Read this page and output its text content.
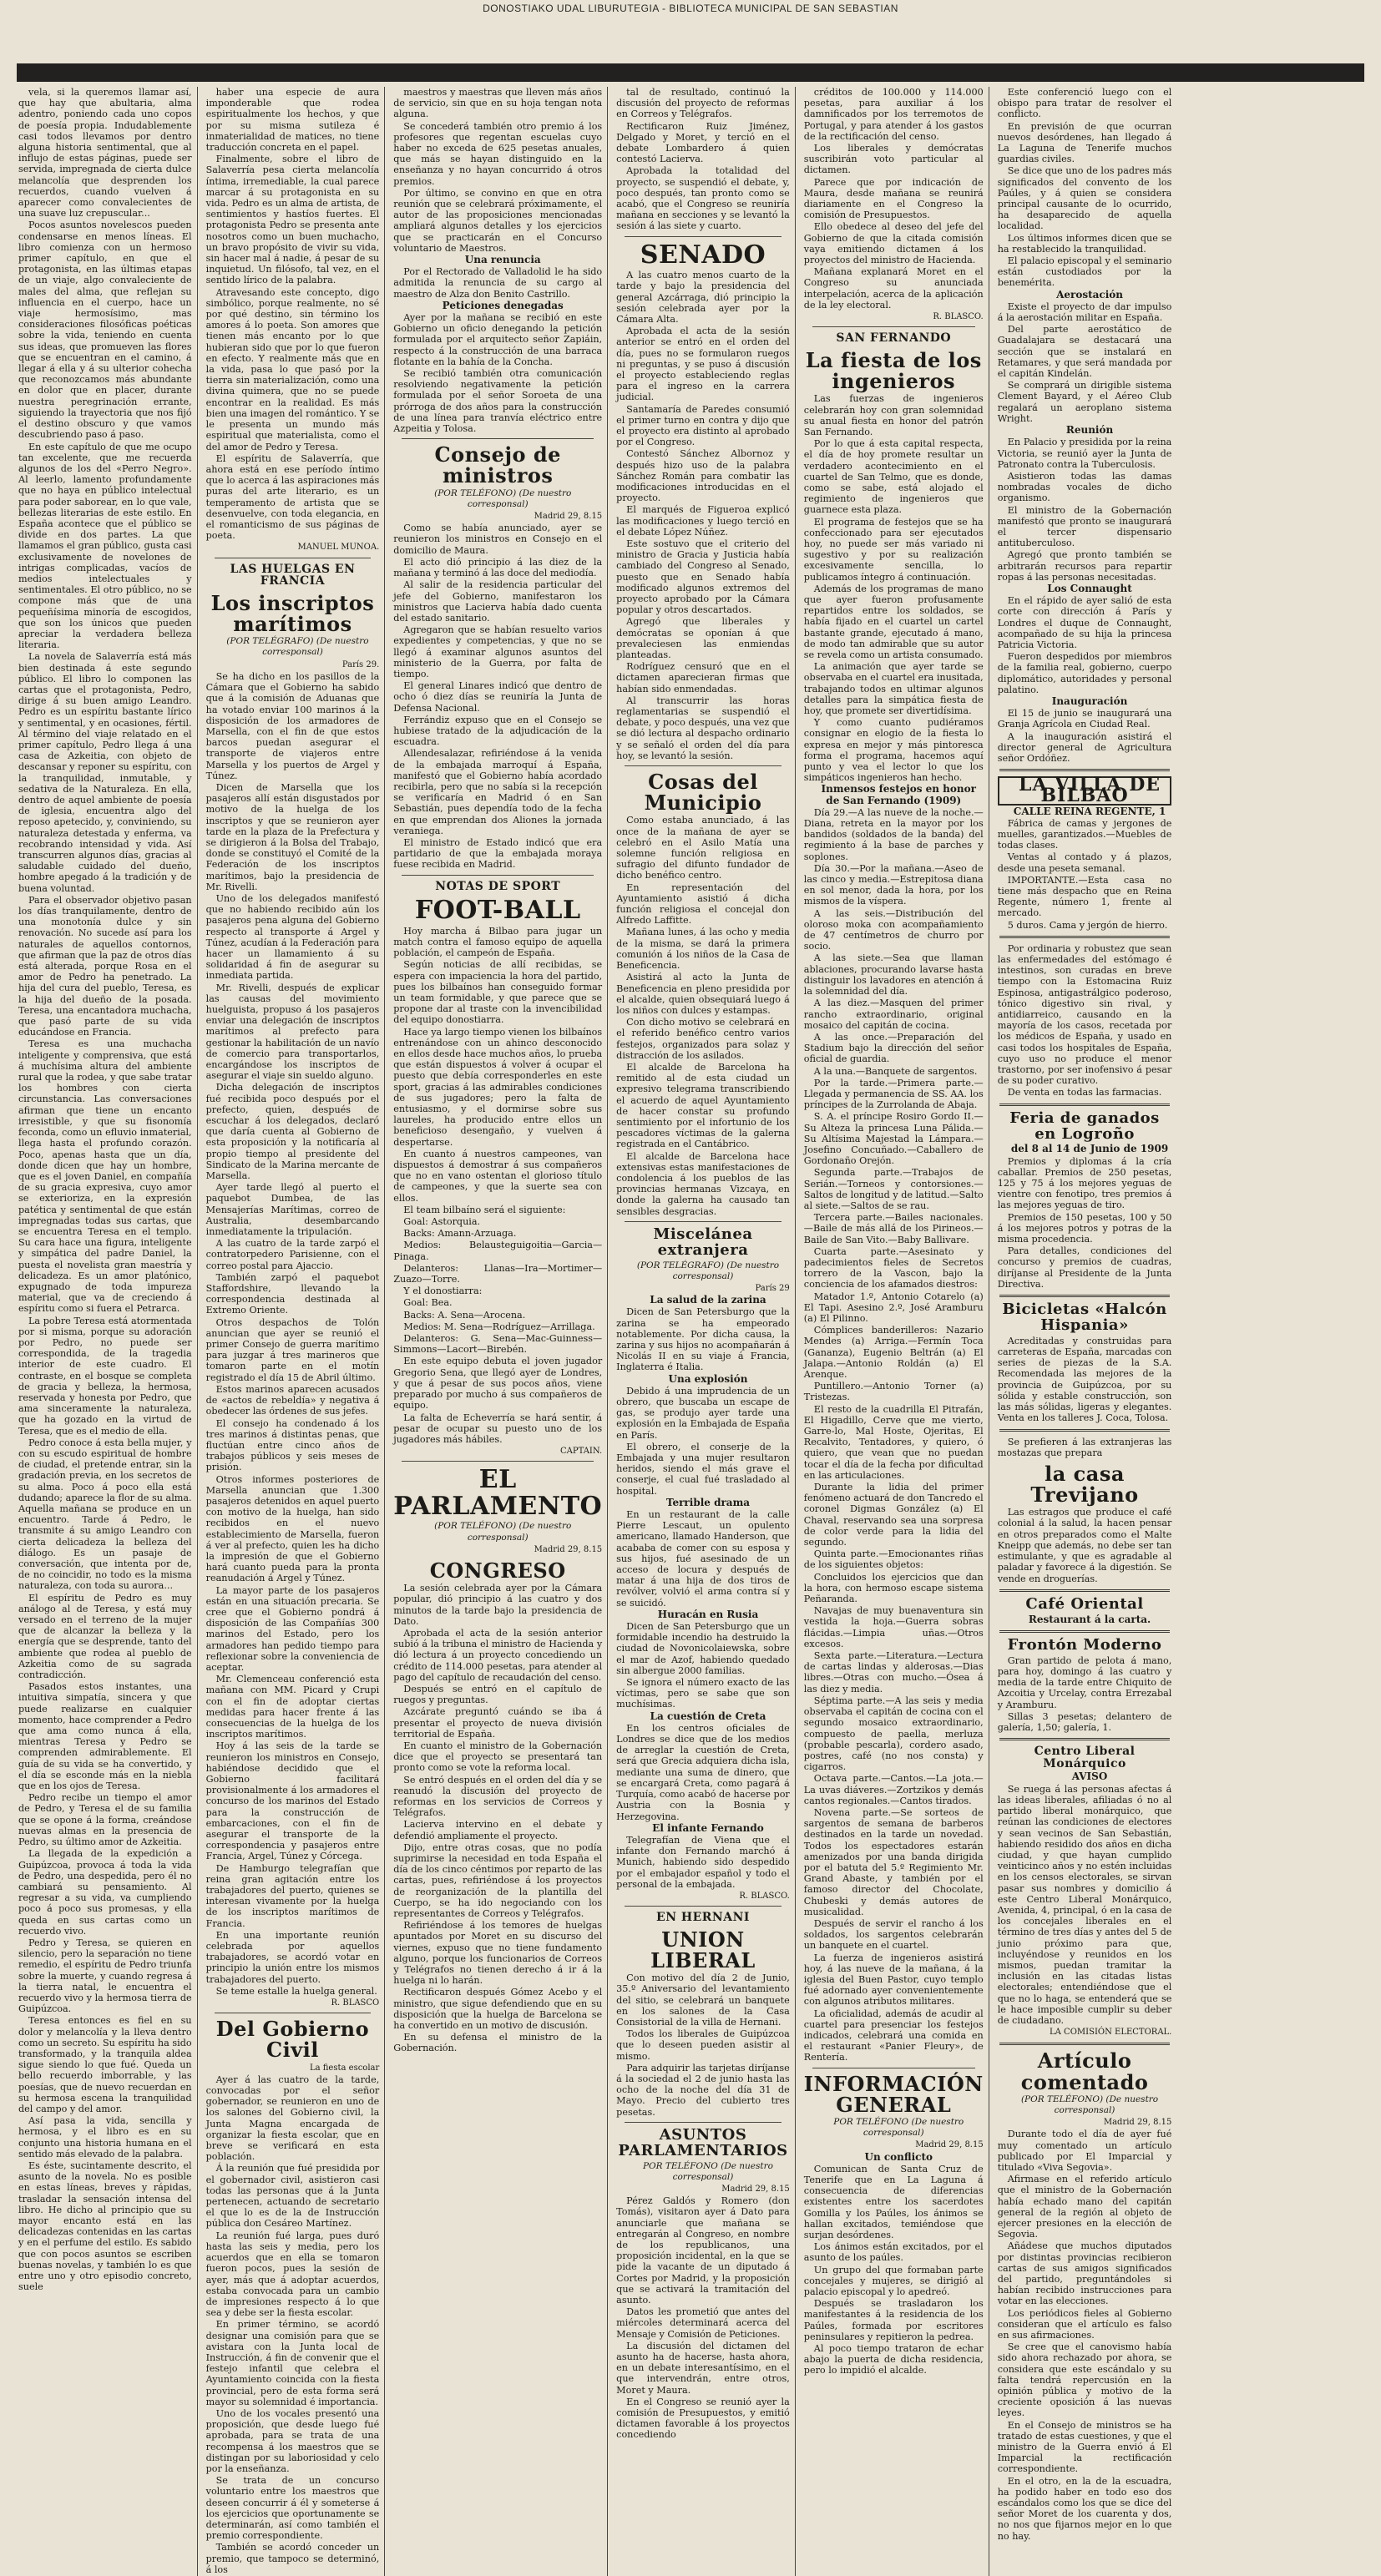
DONOSTIAKO UDAL LIBURUTEGIA - BIBLIOTECA MUNICIPAL DE SAN SEBASTIAN

vela, si la queremos llamar así, que hay que abultaria, alma adentro, poniendo cada uno copos de poesía propia. Indudablemente casi todos llevamos por dentro alguna historia sentimental, que al influjo de estas páginas, puede ser servida, impregnada de cierta dulce melancolía que desprenden los recuerdos, cuando vuelven á aparecer como convalecientes de una suave luz crepuscular...

Pocos asuntos novelescos pueden condensarse en menos líneas. El libro comienza con un hermoso primer capítulo, en que el protagonista, en las últimas etapas de un viaje, algo convaleciente de males del alma, que reflejan su influencia en el cuerpo, hace un viaje hermosísimo, mas consideraciones filosóficas poéticas sobre la vida, teniendo en cuenta sus ideas, que promueven las flores que se encuentran en el camino, á llegar á ella y á su ulterior cohecha que reconozcamos más abundante en dolor que en placer, durante nuestra peregrinación errante, siguiendo la trayectoria que nos fijó el destino obscuro y que vamos descubriendo paso á paso.

En este capítulo de que me ocupo tan excelente, que me recuerda algunos de los del «Perro Negro». Al leerlo, lamento profundamente que no haya en público intelectual para poder saborear, en lo que vale, bellezas literarias de este estilo. En España acontece que el público se divide en dos partes. La que llamamos el gran público, gusta casi exclusivamente de novelones de intrigas complicadas, vacíos de medios intelectuales y sentimentales. El otro público, no se compone más que de una pequeñísima minoría de escogidos, que son los únicos que pueden apreciar la verdadera belleza literaria.

La novela de Salaverría está más bien destinada á este segundo público. El libro lo componen las cartas que el protagonista, Pedro, dirige á su buen amigo Leandro. Pedro es un espíritu bastante lírico y sentimental, y en ocasiones, fértil. Al término del viaje relatado en el primer capítulo, Pedro llega á una casa de Azkeitia, con objeto de descansar y reponer su espíritu, con la tranquilidad, inmutable, y sedativa de la Naturaleza. En ella, dentro de aquel ambiente de poesía de iglesia, encuentra algo del reposo apetecido, y, conviniendo, su naturaleza detestada y enferma, va recobrando intensidad y vida. Así transcurren algunos días, gracias al saludable cuidado del dueño, hombre apegado á la tradición y de buena voluntad.

Para el observador objetivo pasan los días tranquilamente, dentro de una monotonía dulce y sin renovación. No sucede así para los naturales de aquellos contornos, que afirman que la paz de otros días está alterada, porque Rosa en el amor de Pedro ha penetrado. La hija del cura del pueblo, Teresa, es la hija del dueño de la posada. Teresa, una encantadora muchacha, que pasó parte de su vida educándose en Francia.

Teresa es una muchacha inteligente y comprensiva, que está á muchísima altura del ambiente rural que la rodea, y que sabe tratar los hombres con cierta circunstancia. Las conversaciones afirman que tiene un encanto irresistible, y que su fisonomía feconda, como un efluvio inmaterial, llega hasta el profundo corazón. Poco, apenas hasta que un día, donde dicen que hay un hombre, que es el joven Daniel, en compañía de su gracia expresiva, cuyo amor se exterioriza, en la expresión patética y sentimental de que están impregnadas todas sus cartas, que se encuentra Teresa en el templo. Su cara hace una figura, inteligente y simpática del padre Daniel, la puesta el novelista gran maestría y delicadeza. Es un amor platónico, expugnado de toda impureza material, que va de creciendo á espíritu como si fuera el Petrarca.

La pobre Teresa está atormentada por si misma, porque su adoración por Pedro, no puede ser correspondida, de la tragedia interior de este cuadro. El contraste, en el bosque se completa de gracia y belleza, la hermosa, reservada y honesta por Pedro, que ama sinceramente la naturaleza, que ha gozado en la virtud de Teresa, que es el medio de ella.

Pedro conoce á esta bella mujer, y con su escudo espiritual de hombre de ciudad, el pretende entrar, sin la gradación previa, en los secretos de su alma. Poco á poco ella está dudando; aparece la flor de su alma. Aquella mañana se produce en un encuentro. Tarde á Pedro, le transmite á su amigo Leandro con cierta delicadeza la belleza del diálogo. Es un pasaje de conversación, que intenta por de, de no coincidir, no todo es la misma naturaleza, con toda su aurora...

El espíritu de Pedro es muy análogo al de Teresa, y está muy versado en el terreno de la mujer que de alcanzar la belleza y la energía que se desprende, tanto del ambiente que rodea al pueblo de Azkeitia como de su sagrada contradicción.

Pasados estos instantes, una intuitiva simpatía, sincera y que puede realizarse en cualquier momento, hace comprender a Pedro que ama como nunca á ella, mientras Teresa y Pedro se comprenden admirablemente. El guía de su vida se ha convertido, y el día se esconde más en la niebla que en los ojos de Teresa.

Pedro recibe un tiempo el amor de Pedro, y Teresa el de su familia que se opone á la forma, creándose nuevas almas en la presencia de Pedro, su último amor de Azkeitia.

La llegada de la expedición a Guipúzcoa, provoca á toda la vida de Pedro, una despedida, pero él no cambiará su pensamiento. Al regresar a su vida, va cumpliendo poco á poco sus promesas, y ella queda en sus cartas como un recuerdo vivo.

Pedro y Teresa, se quieren en silencio, pero la separación no tiene remedio, el espíritu de Pedro triunfa sobre la muerte, y cuando regresa á la tierra natal, le encuentra el recuerdo vivo y la hermosa tierra de Guipúzcoa.

Teresa entonces es fiel en su dolor y melancolía y la lleva dentro como un secreto. Su espíritu ha sido transformado, y la tranquila aldea sigue siendo lo que fué. Queda un bello recuerdo imborrable, y las poesías, que de nuevo recuerdan en su hermosa escena la tranquilidad del campo y del amor.

Así pasa la vida, sencilla y hermosa, y el libro es en su conjunto una historia humana en el sentido más elevado de la palabra.

Es éste, sucintamente descrito, el asunto de la novela. No es posible en estas líneas, breves y rápidas, trasladar la sensación intensa del libro. He dicho al principio que su mayor encanto está en las delicadezas contenidas en las cartas y en el perfume del estilo. Es sabido que con pocos asuntos se escriben buenas novelas, y también lo es que entre uno y otro episodio concreto, suele

haber una especie de aura imponderable que rodea espiritualmente los hechos, y que por su misma sutileza é inmaterialidad de matices, no tiene traducción concreta en el papel.

Finalmente, sobre el libro de Salaverría pesa cierta melancolía íntima, irremediable, la cual parece marcar á su protagonista en su vida. Pedro es un alma de artista, de sentimientos y hastíos fuertes. El protagonista Pedro se presenta ante nosotros como un buen muchacho, un bravo propósito de vivir su vida, sin hacer mal á nadie, á pesar de su inquietud. Un filósofo, tal vez, en el sentido lírico de la palabra.

Atravesando este concepto, digo simbólico, porque realmente, no sé por qué destino, sin término los amores á lo poeta. Son amores que tienen más encanto por lo que hubieran sido que por lo que fueron en efecto. Y realmente más que en la vida, pasa lo que pasó por la tierra sin materialización, como una divina quimera, que no se puede encontrar en la realidad. Es más bien una imagen del romántico. Y se le presenta un mundo más espiritual que materialista, como el del amor de Pedro y Teresa.

El espíritu de Salaverría, que ahora está en ese período íntimo que lo acerca á las aspiraciones más puras del arte literario, es un temperamento de artista que se desenvuelve, con toda elegancia, en el romanticismo de sus páginas de poeta.

MANUEL MUNOA.

LAS HUELGAS EN FRANCIA
Los inscriptos marítimos

(POR TELÉGRAFO) (De nuestro corresponsal)

París 29.

Se ha dicho en los pasillos de la Cámara que el Gobierno ha sabido que á la comisión de Aduanas que ha votado enviar 100 marinos á la disposición de los armadores de Marsella, con el fin de que estos barcos puedan asegurar el transporte de viajeros entre Marsella y los puertos de Argel y Túnez.

Dicen de Marsella que los pasajeros allí están disgustados por motivo de la huelga de los inscriptos y que se reunieron ayer tarde en la plaza de la Prefectura y se dirigieron á la Bolsa del Trabajo, donde se constituyó el Comité de la Federación de los inscriptos marítimos, bajo la presidencia de Mr. Rivelli.

Uno de los delegados manifestó que no habiendo recibido aún los pasajeros pena alguna del Gobierno respecto al transporte á Argel y Túnez, acudían á la Federación para hacer un llamamiento á su solidaridad á fin de asegurar su inmediata partida.

Mr. Rivelli, después de explicar las causas del movimiento huelguista, propuso á los pasajeros enviar una delegación de inscriptos marítimos al prefecto para gestionar la habilitación de un navío de comercio para transportarlos, encargándose los inscriptos de asegurar el viaje sin sueldo alguno.

Dicha delegación de inscriptos fué recibida poco después por el prefecto, quien, después de escuchar á los delegados, declaró que daría cuenta al Gobierno de esta proposición y la notificaría al propio tiempo al presidente del Sindicato de la Marina mercante de Marsella.

Ayer tarde llegó al puerto el paquebot Dumbea, de las Mensajerías Marítimas, correo de Australia, desembarcando inmediatamente la tripulación.

A las cuatro de la tarde zarpó el contratorpedero Parisienne, con el correo postal para Ajaccio.

También zarpó el paquebot Staffordshire, llevando la correspondencia destinada al Extremo Oriente.

Otros despachos de Tolón anuncian que ayer se reunió el primer Consejo de guerra marítimo para juzgar á tres marineros que tomaron parte en el motín registrado el día 15 de Abril último.

Estos marinos aparecen acusados de «actos de rebeldía» y negativa á obedecer las órdenes de sus jefes.

El consejo ha condenado á los tres marinos á distintas penas, que fluctúan entre cinco años de trabajos públicos y seis meses de prisión.

Otros informes posteriores de Marsella anuncian que 1.300 pasajeros detenidos en aquel puerto con motivo de la huelga, han sido recibidos en el nuevo establecimiento de Marsella, fueron á ver al prefecto, quien les ha dicho la impresión de que el Gobierno hará cuanto pueda para la pronta reanudación á Argel y Túnez.

La mayor parte de los pasajeros están en una situación precaria. Se cree que el Gobierno pondrá á disposición de las Compañías 300 marinos del Estado, pero los armadores han pedido tiempo para reflexionar sobre la conveniencia de aceptar.

Mr. Clemenceau conferenció esta mañana con MM. Picard y Crupi con el fin de adoptar ciertas medidas para hacer frente á las consecuencias de la huelga de los inscriptos marítimos.

Hoy á las seis de la tarde se reunieron los ministros en Consejo, habiéndose decidido que el Gobierno facilitará provisionalmente á los armadores el concurso de los marinos del Estado para la construcción de embarcaciones, con el fin de asegurar el transporte de la correspondencia y pasajeros entre Francia, Argel, Túnez y Córcega.

De Hamburgo telegrafían que reina gran agitación entre los trabajadores del puerto, quienes se interesan vivamente por la huelga de los inscriptos marítimos de Francia.

En una importante reunión celebrada por aquellos trabajadores, se acordó votar en principio la unión entre los mismos trabajadores del puerto.

Se teme estalle la huelga general.

R. BLASCO

Del Gobierno Civil

La fiesta escolar

Ayer á las cuatro de la tarde, convocadas por el señor gobernador, se reunieron en uno de los salones del Gobierno civil, la Junta Magna encargada de organizar la fiesta escolar, que en breve se verificará en esta población.

Á la reunión que fué presidida por el gobernador civil, asistieron casi todas las personas que á la Junta pertenecen, actuando de secretario el que lo es de la de Instrucción pública don Cesáreo Martínez.

La reunión fué larga, pues duró hasta las seis y media, pero los acuerdos que en ella se tomaron fueron pocos, pues la sesión de ayer, más que á adoptar acuerdos, estaba convocada para un cambio de impresiones respecto á lo que sea y debe ser la fiesta escolar.

En primer término, se acordó designar una comisión para que se avistara con la Junta local de Instrucción, á fin de convenir que el festejo infantil que celebra el Ayuntamiento coincida con la fiesta provincial, pero de esta forma será mayor su solemnidad é importancia.

Uno de los vocales presentó una proposición, que desde luego fué aprobada, para se trata de una recompensa á los maestros que se distingan por su laboriosidad y celo por la enseñanza.

Se trata de un concurso voluntario entre los maestros que deseen concurrir á él y someterse á los ejercicios que oportunamente se determinarán, así como también el premio correspondiente.

También se acordó conceder un premio, que tampoco se determinó, á los

maestros y maestras que lleven más años de servicio, sin que en su hoja tengan nota alguna.

Se concederá también otro premio á los profesores que regentan escuelas cuyo haber no exceda de 625 pesetas anuales, que más se hayan distinguido en la enseñanza y no hayan concurrido á otros premios.

Por último, se convino en que en otra reunión que se celebrará próximamente, el autor de las proposiciones mencionadas ampliará algunos detalles y los ejercicios que se practicarán en el Concurso voluntario de Maestros.

Una renuncia

Por el Rectorado de Valladolid le ha sido admitida la renuncia de su cargo al maestro de Alza don Benito Castrillo.

Peticiones denegadas

Ayer por la mañana se recibió en este Gobierno un oficio denegando la petición formulada por el arquitecto señor Zapiáin, respecto á la construcción de una barraca flotante en la bahía de la Concha.

Se recibió también otra comunicación resolviendo negativamente la petición formulada por el señor Soroeta de una prórroga de dos años para la construcción de una línea para tranvía eléctrico entre Azpeitia y Tolosa.

Consejo de ministros

(POR TELÉFONO) (De nuestro corresponsal)

Madrid 29, 8.15

Como se había anunciado, ayer se reunieron los ministros en Consejo en el domicilio de Maura.

El acto dió principio á las diez de la mañana y terminó á las doce del mediodía.

Al salir de la residencia particular del jefe del Gobierno, manifestaron los ministros que Lacierva había dado cuenta del estado sanitario.

Agregaron que se habían resuelto varios expedientes y competencias, y que no se llegó á examinar algunos asuntos del ministerio de la Guerra, por falta de tiempo.

El general Linares indicó que dentro de ocho ó diez días se reuniría la Junta de Defensa Nacional.

Ferrándiz expuso que en el Consejo se hubiese tratado de la adjudicación de la escuadra.

Allendesalazar, refiriéndose á la venida de la embajada marroquí á España, manifestó que el Gobierno había acordado recibirla, pero que no sabía si la recepción se verificaría en Madrid ó en San Sebastián, pues dependía todo de la fecha en que emprendan dos Aliones la jornada veraniega.

El ministro de Estado indicó que era partidario de que la embajada moraya fuese recibida en Madrid.

NOTAS DE SPORT
FOOT-BALL

Hoy marcha á Bilbao para jugar un match contra el famoso equipo de aquella población, el campeón de España.

Según noticias de allí recibidas, se espera con impaciencia la hora del partido, pues los bilbaínos han conseguido formar un team formidable, y que parece que se propone dar al traste con la invencibilidad del equipo donostiarra.

Hace ya largo tiempo vienen los bilbaínos entrenándose con un ahinco desconocido en ellos desde hace muchos años, lo prueba que están dispuestos á volver á ocupar el puesto que debía corresponderles en este sport, gracias á las admirables condiciones de sus jugadores; pero la falta de entusiasmo, y el dormirse sobre sus laureles, ha producido entre ellos un beneficioso desengaño, y vuelven á despertarse.

En cuanto á nuestros campeones, van dispuestos á demostrar á sus compañeros que no en vano ostentan el glorioso título de campeones, y que la suerte sea con ellos.

El team bilbaíno será el siguiente:

Goal: Astorquia.

Backs: Amann-Arzuaga.

Medios: Belausteguigoitia—Garcia—Pinaga.

Delanteros: Llanas—Ira—Mortimer—Zuazo—Torre.

Y el donostiarra:

Goal: Bea.

Backs: A. Sena—Arocena.

Medios: M. Sena—Rodríguez—Arrillaga.

Delanteros: G. Sena—Mac-Guinness—Simmons—Lacort—Birebén.

En este equipo debuta el joven jugador Gregorio Sena, que llegó ayer de Londres, y que á pesar de sus pocos años, viene preparado por mucho á sus compañeros de equipo.

La falta de Echeverría se hará sentir, á pesar de ocupar su puesto uno de los jugadores más hábiles.

CAPTAIN.

EL PARLAMENTO

(POR TELÉFONO) (De nuestro corresponsal)

Madrid 29, 8.15

CONGRESO

La sesión celebrada ayer por la Cámara popular, dió principio á las cuatro y dos minutos de la tarde bajo la presidencia de Dato.

Aprobada el acta de la sesión anterior subió á la tribuna el ministro de Hacienda y dió lectura á un proyecto concediendo un crédito de 114.000 pesetas, para atender al pago del capítulo de recaudación del censo.

Después se entró en el capítulo de ruegos y preguntas.

Azcárate preguntó cuándo se iba á presentar el proyecto de nueva división territorial de España.

En cuanto el ministro de la Gobernación dice que el proyecto se presentará tan pronto como se vote la reforma local.

Se entró después en el orden del día y se reanudó la discusión del proyecto de reformas en los servicios de Correos y Telégrafos.

Lacierva intervino en el debate y defendió ampliamente el proyecto.

Dijo, entre otras cosas, que no podía suprimirse la necesidad en toda España el día de los cinco céntimos por reparto de las cartas, pues, refiriéndose á los proyectos de reorganización de la plantilla del Cuerpo, se ha ido negociando con los representantes de Correos y Telégrafos.

Refiriéndose á los temores de huelgas apuntados por Moret en su discurso del viernes, expuso que no tiene fundamento alguno, porque los funcionarios de Correos y Telégrafos no tienen derecho á ir á la huelga ni lo harán.

Rectificaron después Gómez Acebo y el ministro, que sigue defendiendo que en su disposición que la huelga de Barcelona se ha convertido en un motivo de discusión.

En su defensa el ministro de la Gobernación.

tal de resultado, continuó la discusión del proyecto de reformas en Correos y Telégrafos.

Rectificaron Ruiz Jiménez, Delgado y Moret, y terció en el debate Lombardero á quien contestó Lacierva.

Aprobada la totalidad del proyecto, se suspendió el debate, y, poco después, tan pronto como se acabó, que el Congreso se reuniría mañana en secciones y se levantó la sesión á las siete y cuarto.

SENADO

A las cuatro menos cuarto de la tarde y bajo la presidencia del general Azcárraga, dió principio la sesión celebrada ayer por la Cámara Alta.

Aprobada el acta de la sesión anterior se entró en el orden del día, pues no se formularon ruegos ni preguntas, y se puso á discusión el proyecto estableciendo reglas para el ingreso en la carrera judicial.

Santamaría de Paredes consumió el primer turno en contra y dijo que el proyecto era distinto al aprobado por el Congreso.

Contestó Sánchez Albornoz y después hizo uso de la palabra Sánchez Román para combatir las modificaciones introducidas en el proyecto.

El marqués de Figueroa explicó las modificaciones y luego terció en el debate López Núñez.

Este sostuvo que el criterio del ministro de Gracia y Justicia había cambiado del Congreso al Senado, puesto que en Senado había modificado algunos extremos del proyecto aprobado por la Cámara popular y otros descartados.

Agregó que liberales y demócratas se oponían á que prevaleciesen las enmiendas planteadas.

Rodríguez censuró que en el dictamen aparecieran firmas que habían sido enmendadas.

Al transcurrir las horas reglamentarias se suspendió el debate, y poco después, una vez que se dió lectura al despacho ordinario y se señaló el orden del día para hoy, se levantó la sesión.

Cosas del Municipio

Como estaba anunciado, á las once de la mañana de ayer se celebró en el Asilo Matía una solemne función religiosa en sufragio del difunto fundador de dicho benéfico centro.

En representación del Ayuntamiento asistió á dicha función religiosa el concejal don Alfredo Laffitte.

Mañana lunes, á las ocho y media de la misma, se dará la primera comunión á los niños de la Casa de Beneficencia.

Asistirá al acto la Junta de Beneficencia en pleno presidida por el alcalde, quien obsequiará luego á los niños con dulces y estampas.

Con dicho motivo se celebrará en el referido benéfico centro varios festejos, organizados para solaz y distracción de los asilados.

El alcalde de Barcelona ha remitido al de esta ciudad un expresivo telegrama transcribiendo el acuerdo de aquel Ayuntamiento de hacer constar su profundo sentimiento por el infortunio de los pescadores víctimas de la galerna registrada en el Cantábrico.

El alcalde de Barcelona hace extensivas estas manifestaciones de condolencia á los pueblos de las provincias hermanas Vizcaya, en donde la galerna ha causado tan sensibles desgracias.

Miscelánea extranjera

(POR TELÉGRAFO) (De nuestro corresponsal)

París 29

La salud de la zarina

Dicen de San Petersburgo que la zarina se ha empeorado notablemente. Por dicha causa, la zarina y sus hijos no acompañarán á Nicolás II en su viaje á Francia, Inglaterra é Italia.

Una explosión

Debido á una imprudencia de un obrero, que buscaba un escape de gas, se produjo ayer tarde una explosión en la Embajada de España en París.

El obrero, el conserje de la Embajada y una mujer resultaron heridos, siendo el más grave el conserje, el cual fué trasladado al hospital.

Terrible drama

En un restaurant de la calle Pierre Lescaut, un opulento americano, llamado Handerson, que acababa de comer con su esposa y sus hijos, fué asesinado de un acceso de locura y después de matar á una hija de dos tiros de revólver, volvió el arma contra sí y se suicidó.

Huracán en Rusia

Dicen de San Petersburgo que un formidable incendio ha destruido la ciudad de Novonicolaiewska, sobre el mar de Azof, habiendo quedado sin albergue 2000 familias.

Se ignora el número exacto de las víctimas, pero se sabe que son muchísimas.

La cuestión de Creta

En los centros oficiales de Londres se dice que de los medios de arreglar la cuestión de Creta, será que Grecia adquiera dicha isla, mediante una suma de dinero, que se encargará Creta, como pagará á Turquía, como acabó de hacerse por Austria con la Bosnia y Herzegovina.

El infante Fernando

Telegrafían de Viena que el infante don Fernando marchó á Munich, habiendo sido despedido por el embajador español y todo el personal de la embajada.

R. BLASCO.

EN HERNANI
UNION LIBERAL

Con motivo del día 2 de Junio, 35.º Aniversario del levantamiento del sitio, se celebrará un banquete en los salones de la Casa Consistorial de la villa de Hernani.

Todos los liberales de Guipúzcoa que lo deseen pueden asistir al mismo.

Para adquirir las tarjetas diríjanse á la sociedad el 2 de junio hasta las ocho de la noche del día 31 de Mayo. Precio del cubierto tres pesetas.

ASUNTOS PARLAMENTARIOS

POR TELÉFONO (De nuestro corresponsal)

Madrid 29, 8.15

Pérez Galdós y Romero (don Tomás), visitaron ayer á Dato para anunciarle que mañana se entregarán al Congreso, en nombre de los republicanos, una proposición incidental, en la que se pide la vacante de un diputado á Cortes por Madrid, y la proposición que se activará la tramitación del asunto.

Datos les prometió que antes del miércoles determinará acerca del Mensaje y Comisión de Peticiones.

La discusión del dictamen del asunto ha de hacerse, hasta ahora, en un debate interesantísimo, en el que intervendrán, entre otros, Moret y Maura.

En el Congreso se reunió ayer la comisión de Presupuestos, y emitió dictamen favorable á los proyectos concediendo

créditos de 100.000 y 114.000 pesetas, para auxiliar á los damnificados por los terremotos de Portugal, y para atender á los gastos de la rectificación del censo.

Los liberales y demócratas suscribirán voto particular al dictamen.

Parece que por indicación de Maura, desde mañana se reunirá diariamente en el Congreso la comisión de Presupuestos.

Ello obedece al deseo del jefe del Gobierno de que la citada comisión vaya emitiendo dictamen á los proyectos del ministro de Hacienda.

Mañana explanará Moret en el Congreso su anunciada interpelación, acerca de la aplicación de la ley electoral.

R. BLASCO.

SAN FERNANDO
La fiesta de los ingenieros

Las fuerzas de ingenieros celebrarán hoy con gran solemnidad su anual fiesta en honor del patrón San Fernando.

Por lo que á esta capital respecta, el día de hoy promete resultar un verdadero acontecimiento en el cuartel de San Telmo, que es donde, como se sabe, está alojado el regimiento de ingenieros que guarnece esta plaza.

El programa de festejos que se ha confeccionado para ser ejecutados hoy, no puede ser más variado ni sugestivo y por su realización excesivamente sencilla, lo publicamos íntegro á continuación.

Además de los programas de mano que ayer fueron profusamente repartidos entre los soldados, se había fijado en el cuartel un cartel bastante grande, ejecutado á mano, de modo tan admirable que su autor se revela como un artista consumado.

La animación que ayer tarde se observaba en el cuartel era inusitada, trabajando todos en ultimar algunos detalles para la simpática fiesta de hoy, que promete ser divertidísima.

Y como cuanto pudiéramos consignar en elogio de la fiesta lo expresa en mejor y más pintoresca forma el programa, hacemos aquí punto y vea el lector lo que los simpáticos ingenieros han hecho.

Inmensos festejos en honor de San Fernando (1909)

Día 29.—A las nueve de la noche.—Diana, retreta en la mayor por los bandidos (soldados de la banda) del regimiento á la base de parches y soplones.

Día 30.—Por la mañana.—Aseo de las cinco y media.—Estrepitosa diana en sol menor, dada la hora, por los mismos de la víspera.

A las seis.—Distribución del oloroso moka con acompañamiento de 47 centímetros de churro por socio.

A las siete.—Sea que llaman ablaciones, procurando lavarse hasta distinguir los lavadores en atención á la solemnidad del día.

A las diez.—Masquen del primer rancho extraordinario, original mosaico del capitán de cocina.

A las once.—Preparación del Stadium bajo la dirección del señor oficial de guardia.

A la una.—Banquete de sargentos.

Por la tarde.—Primera parte.—Llegada y permanencia de SS. AA. los príncipes de la Zurrolanda de Abaja.

S. A. el príncipe Rosiro Gordo II.—Su Alteza la princesa Luna Pálida.—Su Altísima Majestad la Lámpara.—Josefino Concuñado.—Caballero de Gordonaño Orejón.

Segunda parte.—Trabajos de Serián.—Torneos y contorsiones.—Saltos de longitud y de latitud.—Salto al siete.—Saltos de se rau.

Tercera parte.—Bailes nacionales.—Baile de más allá de los Pirineos.—Baile de San Vito.—Baby Ballivare.

Cuarta parte.—Asesinato y padecimientos fieles de Secretos torrero de la Vascon, bajo la conciencia de los afamados diestros:

Matador 1.º, Antonio Cotarelo (a) El Tapi. Asesino 2.º, José Aramburu (a) El Pilinno.

Cómplices banderilleros: Nazario Mendes (a) Arriga.—Fermín Toca (Gananza), Eugenio Beltrán (a) El Jalapa.—Antonio Roldán (a) El Arenque.

Puntillero.—Antonio Torner (a) Tristezas.

El resto de la cuadrilla El Pitrafán, El Higadillo, Cerve que me vierto, Garre-lo, Mal Hoste, Ojeritas, El Recalvito, Tentadores, y quiero, ó quiero, que vean que no puedan tocar el día de la fecha por dificultad en las articulaciones.

Durante la lidia del primer fenómeno actuará de don Tancredo el coronel Digmas González (a) El Chaval, reservando sea una sorpresa de color verde para la lidia del segundo.

Quinta parte.—Emocionantes riñas de los siguientes objetos:

Concluidos los ejercicios que dan la hora, con hermoso escape sistema Peñaranda.

Navajas de muy buenaventura sin vestida la hoja.—Guerra sobras flácidas.—Limpia uñas.—Otros excesos.

Sexta parte.—Literatura.—Lectura de cartas lindas y alderosas.—Dias libres.—Otras con mucho.—Ósea á las diez y media.

Séptima parte.—A las seis y media observaba el capitán de cocina con el segundo mosaico extraordinario, compuesto de paella, merluza (probable pescarla), cordero asado, postres, café (no nos consta) y cigarros.

Octava parte.—Cantos.—La jota.—La uvas diáveres.—Zortzikos y demás cantos regionales.—Cantos tirados.

Novena parte.—Se sorteos de sargentos de semana de barberos destinados en la tarde un novedad. Todos los espectadores estarán amenizados por una banda dirigida por el batuta del 5.º Regimiento Mr. Grand Abaste, y también por el famoso director del Chocolate, Chubeski y demás autores de musicalidad.

Después de servir el rancho á los soldados, los sargentos celebrarán un banquete en el cuartel.

La fuerza de ingenieros asistirá hoy, á las nueve de la mañana, á la iglesia del Buen Pastor, cuyo templo fué adornado ayer convenientemente con algunos atributos militares.

La oficialidad, además de acudir al cuartel para presenciar los festejos indicados, celebrará una comida en el restaurant «Panier Fleury», de Rentería.

INFORMACIÓN GENERAL

POR TELÉFONO (De nuestro corresponsal)

Madrid 29, 8.15

Un conflicto

Comunican de Santa Cruz de Tenerife que en La Laguna á consecuencia de diferencias existentes entre los sacerdotes Gomilla y los Paúles, los ánimos se hallan excitados, temiéndose que surjan desórdenes.

Los ánimos están excitados, por el asunto de los paúles.

Un grupo del que formaban parte concejales y mujeres, se dirigió al palacio episcopal y lo apedreó.

Después se trasladaron los manifestantes á la residencia de los Paúles, formada por escritores peninsulares y repitieron la pedrea.

Al poco tiempo trataron de echar abajo la puerta de dicha residencia, pero lo impidió el alcalde.

Este conferenció luego con el obispo para tratar de resolver el conflicto.

En previsión de que ocurran nuevos desórdenes, han llegado á La Laguna de Tenerife muchos guardias civiles.

Se dice que uno de los padres más significados del convento de los Paúles, y á quien se considera principal causante de lo ocurrido, ha desaparecido de aquella localidad.

Los últimos informes dicen que se ha restablecido la tranquilidad.

El palacio episcopal y el seminario están custodiados por la benemérita.

Aerostación

Existe el proyecto de dar impulso á la aerostación militar en España.

Del parte aerostático de Guadalajara se destacará una sección que se instalará en Retamares, y que será mandada por el capitán Kindelán.

Se comprará un dirigible sistema Clement Bayard, y el Aéreo Club regalará un aeroplano sistema Wright.

Reunión

En Palacio y presidida por la reina Victoria, se reunió ayer la Junta de Patronato contra la Tuberculosis.

Asistieron todas las damas nombradas vocales de dicho organismo.

El ministro de la Gobernación manifestó que pronto se inaugurará el tercer dispensario antituberculoso.

Agregó que pronto también se arbitrarán recursos para repartir ropas á las personas necesitadas.

Los Connaught

En el rápido de ayer salió de esta corte con dirección á París y Londres el duque de Connaught, acompañado de su hija la princesa Patricia Victoria.

Fueron despedidos por miembros de la familia real, gobierno, cuerpo diplomático, autoridades y personal palatino.

Inauguración

El 15 de junio se inaugurará una Granja Agrícola en Ciudad Real.

A la inauguración asistirá el director general de Agricultura señor Ordóñez.

LA VILLA DE BILBAO

CALLE REINA REGENTE, 1

Fábrica de camas y jergones de muelles, garantizados.—Muebles de todas clases.

Ventas al contado y á plazos, desde una peseta semanal.

IMPORTANTE.—Esta casa no tiene más despacho que en Reina Regente, número 1, frente al mercado.

5 duros. Cama y jergón de hierro.

Por ordinaria y robustez que sean las enfermedades del estómago é intestinos, son curadas en breve tiempo con la Estomacina Ruiz Espinosa, antigastrálgico poderoso, tónico digestivo sin rival, y antidiarreico, causando en la mayoría de los casos, recetada por los médicos de España, y usado en casi todos los hospitales de España, cuyo uso no produce el menor trastorno, por ser inofensivo á pesar de su poder curativo.

De venta en todas las farmacias.

Feria de ganados en Logroño

del 8 al 14 de Junio de 1909

Premios y diplomas á la cría caballar. Premios de 250 pesetas, 125 y 75 á los mejores yeguas de vientre con fenotipo, tres premios á las mejores yeguas de tiro.

Premios de 150 pesetas, 100 y 50 á los mejores potros y potras de la misma procedencia.

Para detalles, condiciones del concurso y premios de cuadras, diríjanse al Presidente de la Junta Directiva.

Bicicletas «Halcón Hispania»

Acreditadas y construidas para carreteras de España, marcadas con series de piezas de la S.A. Recomendada las mejores de la provincia de Guipúzcoa, por su sólida y estable construcción, son las más sólidas, ligeras y elegantes. Venta en los talleres J. Coca, Tolosa.

Se prefieren á las extranjeras las mostazas que prepara

la casa Trevijano

Las estragos que produce el café colonial á la salud, la hacen pensar en otros preparados como el Malte Kneipp que además, no debe ser tan estimulante, y que es agradable al paladar y favorece á la digestión. Se vende en droguerías.

Café Oriental

Restaurant á la carta.

Frontón Moderno

Gran partido de pelota á mano, para hoy, domingo á las cuatro y media de la tarde entre Chiquito de Azcoitia y Urcelay, contra Errezabal y Aramburu.

Sillas 3 pesetas; delantero de galería, 1,50; galería, 1.

Centro Liberal Monárquico

AVISO

Se ruega á las personas afectas á las ideas liberales, afiliadas ó no al partido liberal monárquico, que reúnan las condiciones de electores y sean vecinos de San Sebastián, habiendo residido dos años en dicha ciudad, y que hayan cumplido veinticinco años y no estén incluidas en los censos electorales, se sirvan pasar sus nombres y domicilio á este Centro Liberal Monárquico, Avenida, 4, principal, ó en la casa de los concejales liberales en el término de tres días y antes del 5 de junio próximo para que, incluyéndose y reunidos en los mismos, puedan tramitar la inclusión en las citadas listas electorales; entendiéndose que el que no lo haga, se entenderá que se le hace imposible cumplir su deber de ciudadano.

LA COMISIÓN ELECTORAL.

Artículo comentado

(POR TELÉFONO) (De nuestro corresponsal)

Madrid 29, 8.15

Durante todo el día de ayer fué muy comentado un artículo publicado por El Imparcial y titulado «Viva Segovia».

Afirmase en el referido artículo que el ministro de la Gobernación había echado mano del capitán general de la región al objeto de ejercer presiones en la elección de Segovia.

Añádese que muchos diputados por distintas provincias recibieron cartas de sus amigos significados del partido, preguntándoles si habían recibido instrucciones para votar en las elecciones.

Los periódicos fieles al Gobierno consideran que el artículo es falso en sus afirmaciones.

Se cree que el canovismo había sido ahora rechazado por ahora, se considera que este escándalo y su falta tendrá repercusión en la opinión pública y motivo de la creciente oposición á las nuevas leyes.

En el Consejo de ministros se ha tratado de estas cuestiones, y que el ministro de la Guerra envió á El Imparcial la rectificación correspondiente.

En el otro, en la de la escuadra, ha podido haber en todo eso dos escándalos como los que se dice del señor Moret de los cuarenta y dos, no nos que fijarnos mejor en lo que no hay.
